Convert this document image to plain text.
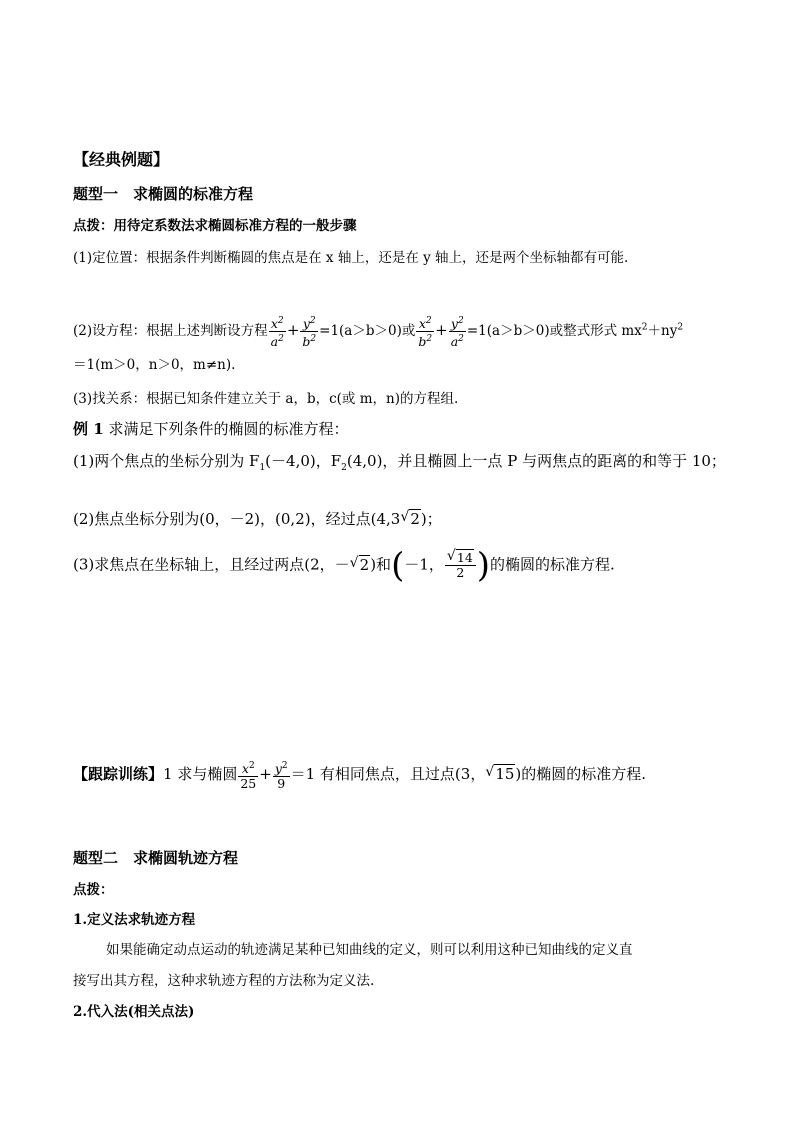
【经典例题】
题型一　求椭圆的标准方程
点拨：用待定系数法求椭圆标准方程的一般步骤
(1)定位置：根据条件判断椭圆的焦点是在 x 轴上，还是在 y 轴上，还是两个坐标轴都有可能.
(2)设方程：根据上述判断设方程 $\frac{x^2}{a^2} + \frac{y^2}{b^2} =1(a>b>0)$或 $\frac{x^2}{b^2} + \frac{y^2}{a^2} =1(a>b>0)$或整式形式 $mx^2+ny^2$
＝1(m＞0，n＞0，m≠n).
(3)找关系：根据已知条件建立关于 a，b，c(或 m，n)的方程组.
例 1 求满足下列条件的椭圆的标准方程：
(1)两个焦点的坐标分别为 $F_1(-4,0)$，$F_2(4,0)$，并且椭圆上一点 P 与两焦点的距离的和等于 10；
(2)焦点坐标分别为(0，－2)，(0,2)，经过点(4,3 √ 2)；
(3)求焦点在坐标轴上，且经过两点(2，－ √ 2)和(－1， $\frac{√ 14}{2}$ )的椭圆的标准方程.
【跟踪训练】1 求与椭圆 $\frac{x^2}{25} + \frac{y^2}{9} =1$ 有相同焦点，且过点(3， √ 15)的椭圆的标准方程.
题型二　求椭圆轨迹方程
点拨：
1.定义法求轨迹方程
如果能确定动点运动的轨迹满足某种已知曲线的定义，则可以利用这种已知曲线的定义直
接写出其方程，这种求轨迹方程的方法称为定义法.
2.代入法(相关点法)
